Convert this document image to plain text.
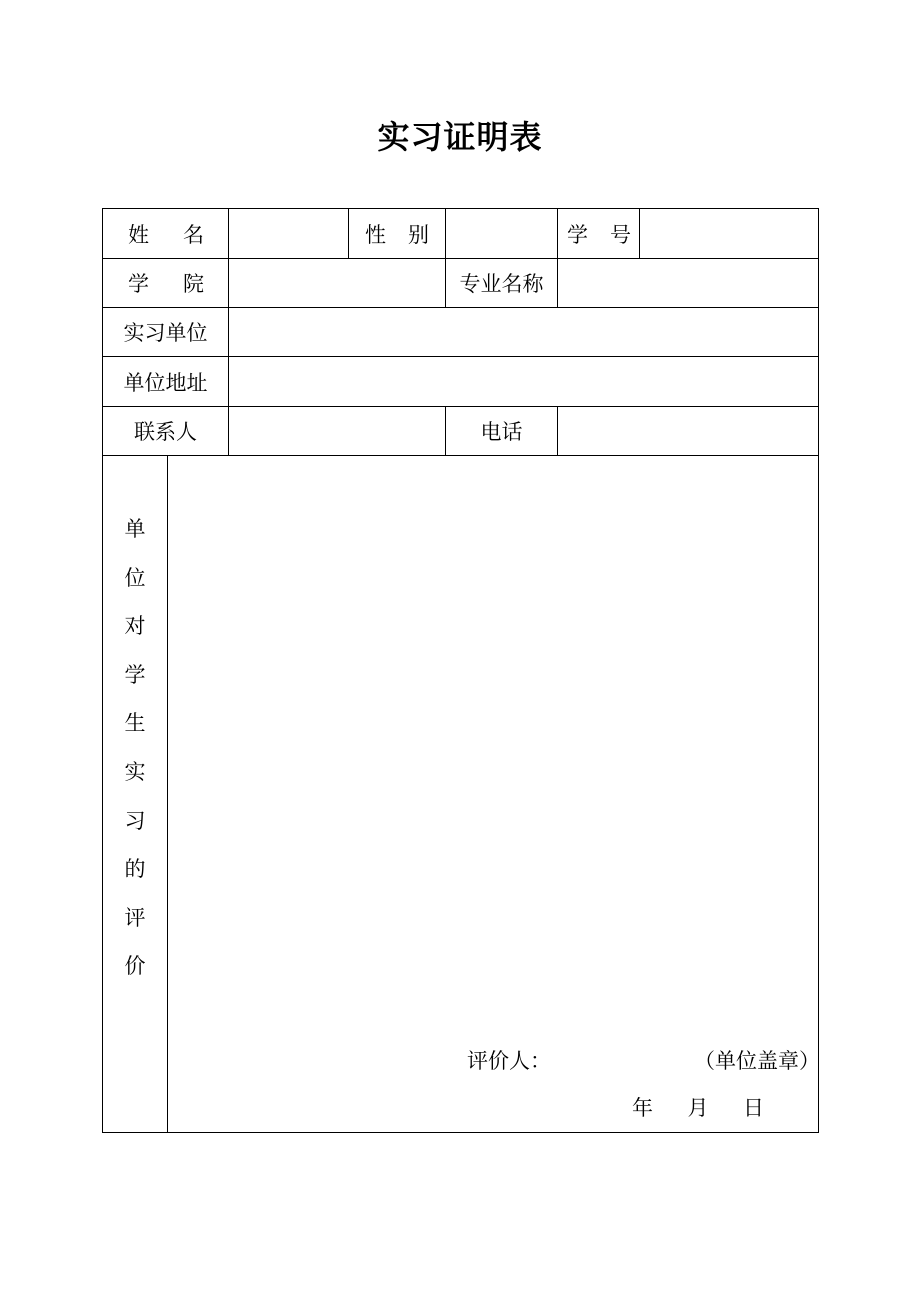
实习证明表
姓 名	性 别	学 号
学 院	专业名称
实习单位
单位地址
联系人	电话
单
位
对
学
生
实
习
的
评
价
评价人：	（单位盖章）
年 月 日
